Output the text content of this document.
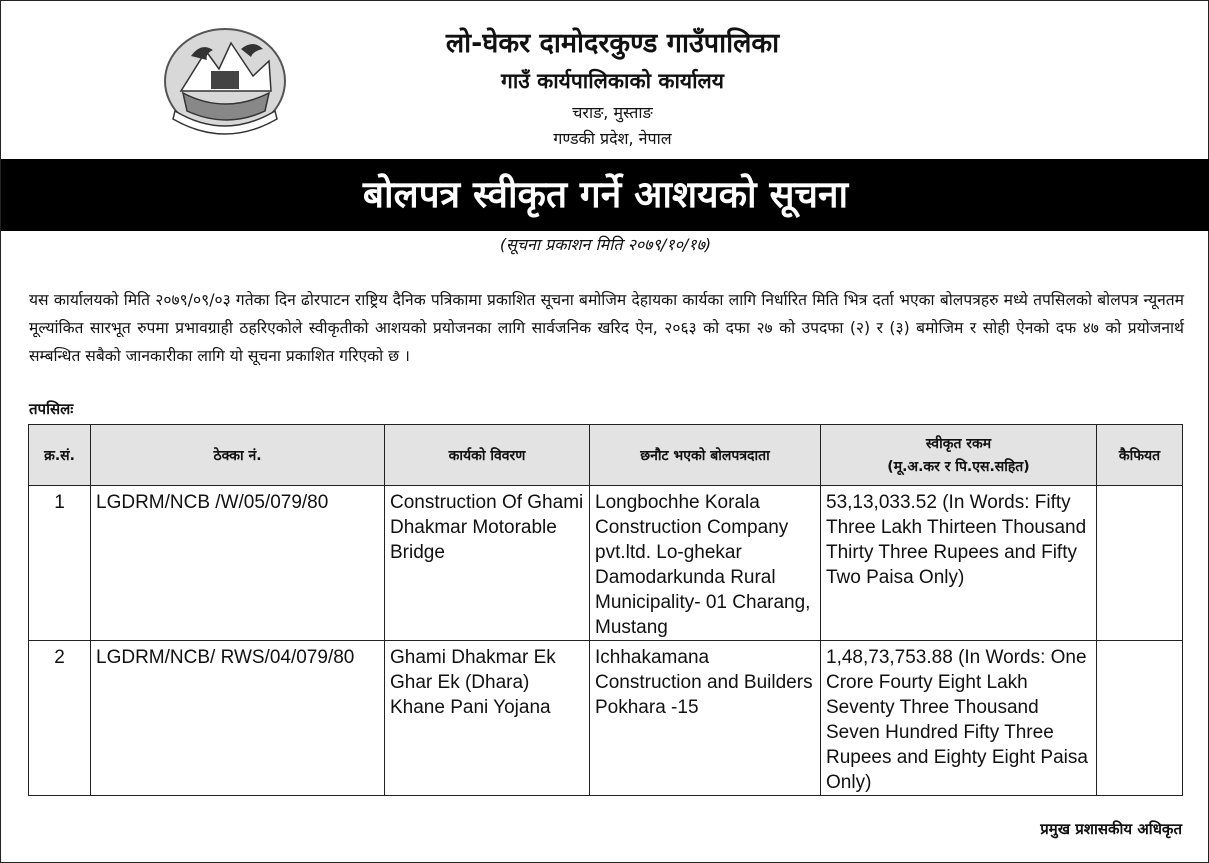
लो-घेकर दामोदरकुण्ड गाउँपालिका
गाउँ कार्यपालिकाको कार्यालय
चराङ, मुस्ताङ
गण्डकी प्रदेश, नेपाल
बोलपत्र स्वीकृत गर्ने आशयको सूचना
(सूचना प्रकाशन मिति २०७९/१०/१७)
यस कार्यालयको मिति २०७९/०९/०३ गतेका दिन ढोरपाटन राष्ट्रिय दैनिक पत्रिकामा प्रकाशित सूचना बमोजिम देहायका कार्यका लागि निर्धारित मिति भित्र दर्ता भएका बोलपत्रहरु मध्ये तपसिलको बोलपत्र न्यूनतम मूल्यांकित सारभूत रुपमा प्रभावग्राही ठहरिएकोले स्वीकृतीको आशयको प्रयोजनका लागि सार्वजनिक खरिद ऐन, २०६३ को दफा २७ को उपदफा (२) र (३) बमोजिम र सोही ऐनको दफ ४७ को प्रयोजनार्थ सम्बन्धित सबैको जानकारीका लागि यो सूचना प्रकाशित गरिएको छ ।
तपसिलः
क्र.सं.	ठेक्का नं.	कार्यको विवरण	छनौट भएको बोलपत्रदाता	स्वीकृत रकम
(मू.अ.कर र पि.एस.सहित)	कैफियत
1	LGDRM/NCB /W/05/079/80	Construction Of Ghami Dhakmar Motorable Bridge	Longbochhe Korala Construction Company pvt.ltd. Lo-ghekar Damodarkunda Rural Municipality- 01 Charang, Mustang	53,13,033.52 (In Words: Fifty Three Lakh Thirteen Thousand Thirty Three Rupees and Fifty Two Paisa Only)	
2	LGDRM/NCB/ RWS/04/079/80	Ghami Dhakmar Ek Ghar Ek (Dhara) Khane Pani Yojana	Ichhakamana Construction and Builders Pokhara -15	1,48,73,753.88 (In Words: One Crore Fourty Eight Lakh Seventy Three Thousand Seven Hundred Fifty Three Rupees and Eighty Eight Paisa Only)	
प्रमुख प्रशासकीय अधिकृत
